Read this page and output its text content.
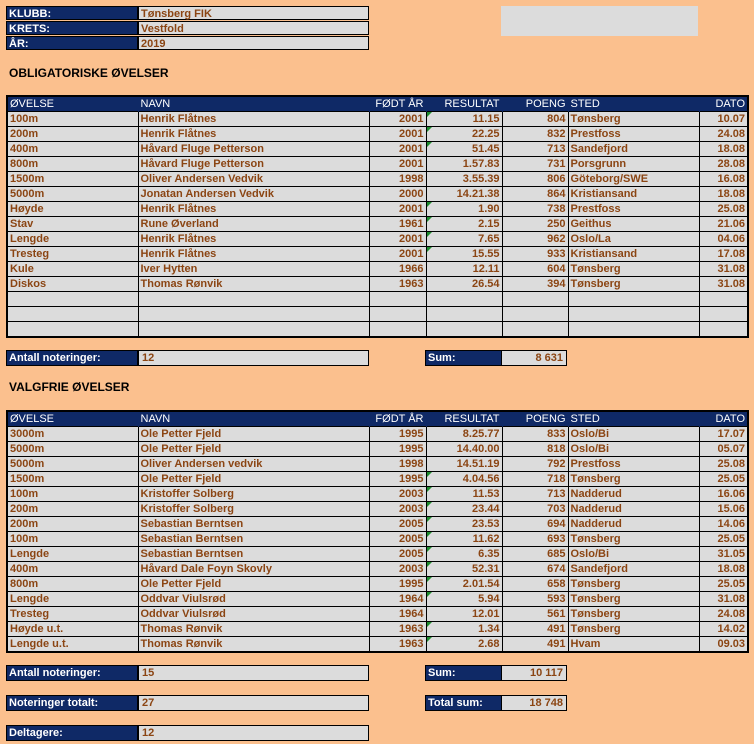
KLUBB:	Tønsberg FIK
KRETS:	Vestfold
ÅR:	2019
OBLIGATORISKE ØVELSER
ØVELSE	NAVN	FØDT ÅR	RESULTAT	POENG	STED	DATO
100m	Henrik Flåtnes	2001	11.15	804	Tønsberg	10.07
200m	Henrik Flåtnes	2001	22.25	832	Prestfoss	24.08
400m	Håvard Fluge Petterson	2001	51.45	713	Sandefjord	18.08
800m	Håvard Fluge Petterson	2001	1.57.83	731	Porsgrunn	28.08
1500m	Oliver Andersen Vedvik	1998	3.55.39	806	Göteborg/SWE	16.08
5000m	Jonatan Andersen Vedvik	2000	14.21.38	864	Kristiansand	18.08
Høyde	Henrik Flåtnes	2001	1.90	738	Prestfoss	25.08
Stav	Rune Øverland	1961	2.15	250	Geithus	21.06
Lengde	Henrik Flåtnes	2001	7.65	962	Oslo/La	04.06
Tresteg	Henrik Flåtnes	2001	15.55	933	Kristiansand	17.08
Kule	Iver Hytten	1966	12.11	604	Tønsberg	31.08
Diskos	Thomas Rønvik	1963	26.54	394	Tønsberg	31.08

Antall noteringer:	12	Sum:	8 631
VALGFRIE ØVELSER
ØVELSE	NAVN	FØDT ÅR	RESULTAT	POENG	STED	DATO
3000m	Ole Petter Fjeld	1995	8.25.77	833	Oslo/Bi	17.07
5000m	Ole Petter Fjeld	1995	14.40.00	818	Oslo/Bi	05.07
5000m	Oliver Andersen vedvik	1998	14.51.19	792	Prestfoss	25.08
1500m	Ole Petter Fjeld	1995	4.04.56	718	Tønsberg	25.05
100m	Kristoffer Solberg	2003	11.53	713	Nadderud	16.06
200m	Kristoffer Solberg	2003	23.44	703	Nadderud	15.06
200m	Sebastian Berntsen	2005	23.53	694	Nadderud	14.06
100m	Sebastian Berntsen	2005	11.62	693	Tønsberg	25.05
Lengde	Sebastian Berntsen	2005	6.35	685	Oslo/Bi	31.05
400m	Håvard Dale Foyn Skovly	2003	52.31	674	Sandefjord	18.08
800m	Ole Petter Fjeld	1995	2.01.54	658	Tønsberg	25.05
Lengde	Oddvar Viulsrød	1964	5.94	593	Tønsberg	31.08
Tresteg	Oddvar Viulsrød	1964	12.01	561	Tønsberg	24.08
Høyde u.t.	Thomas Rønvik	1963	1.34	491	Tønsberg	14.02
Lengde u.t.	Thomas Rønvik	1963	2.68	491	Hvam	09.03
Antall noteringer:	15	Sum:	10 117
Noteringer totalt:	27	Total sum:	18 748
Deltagere:	12
